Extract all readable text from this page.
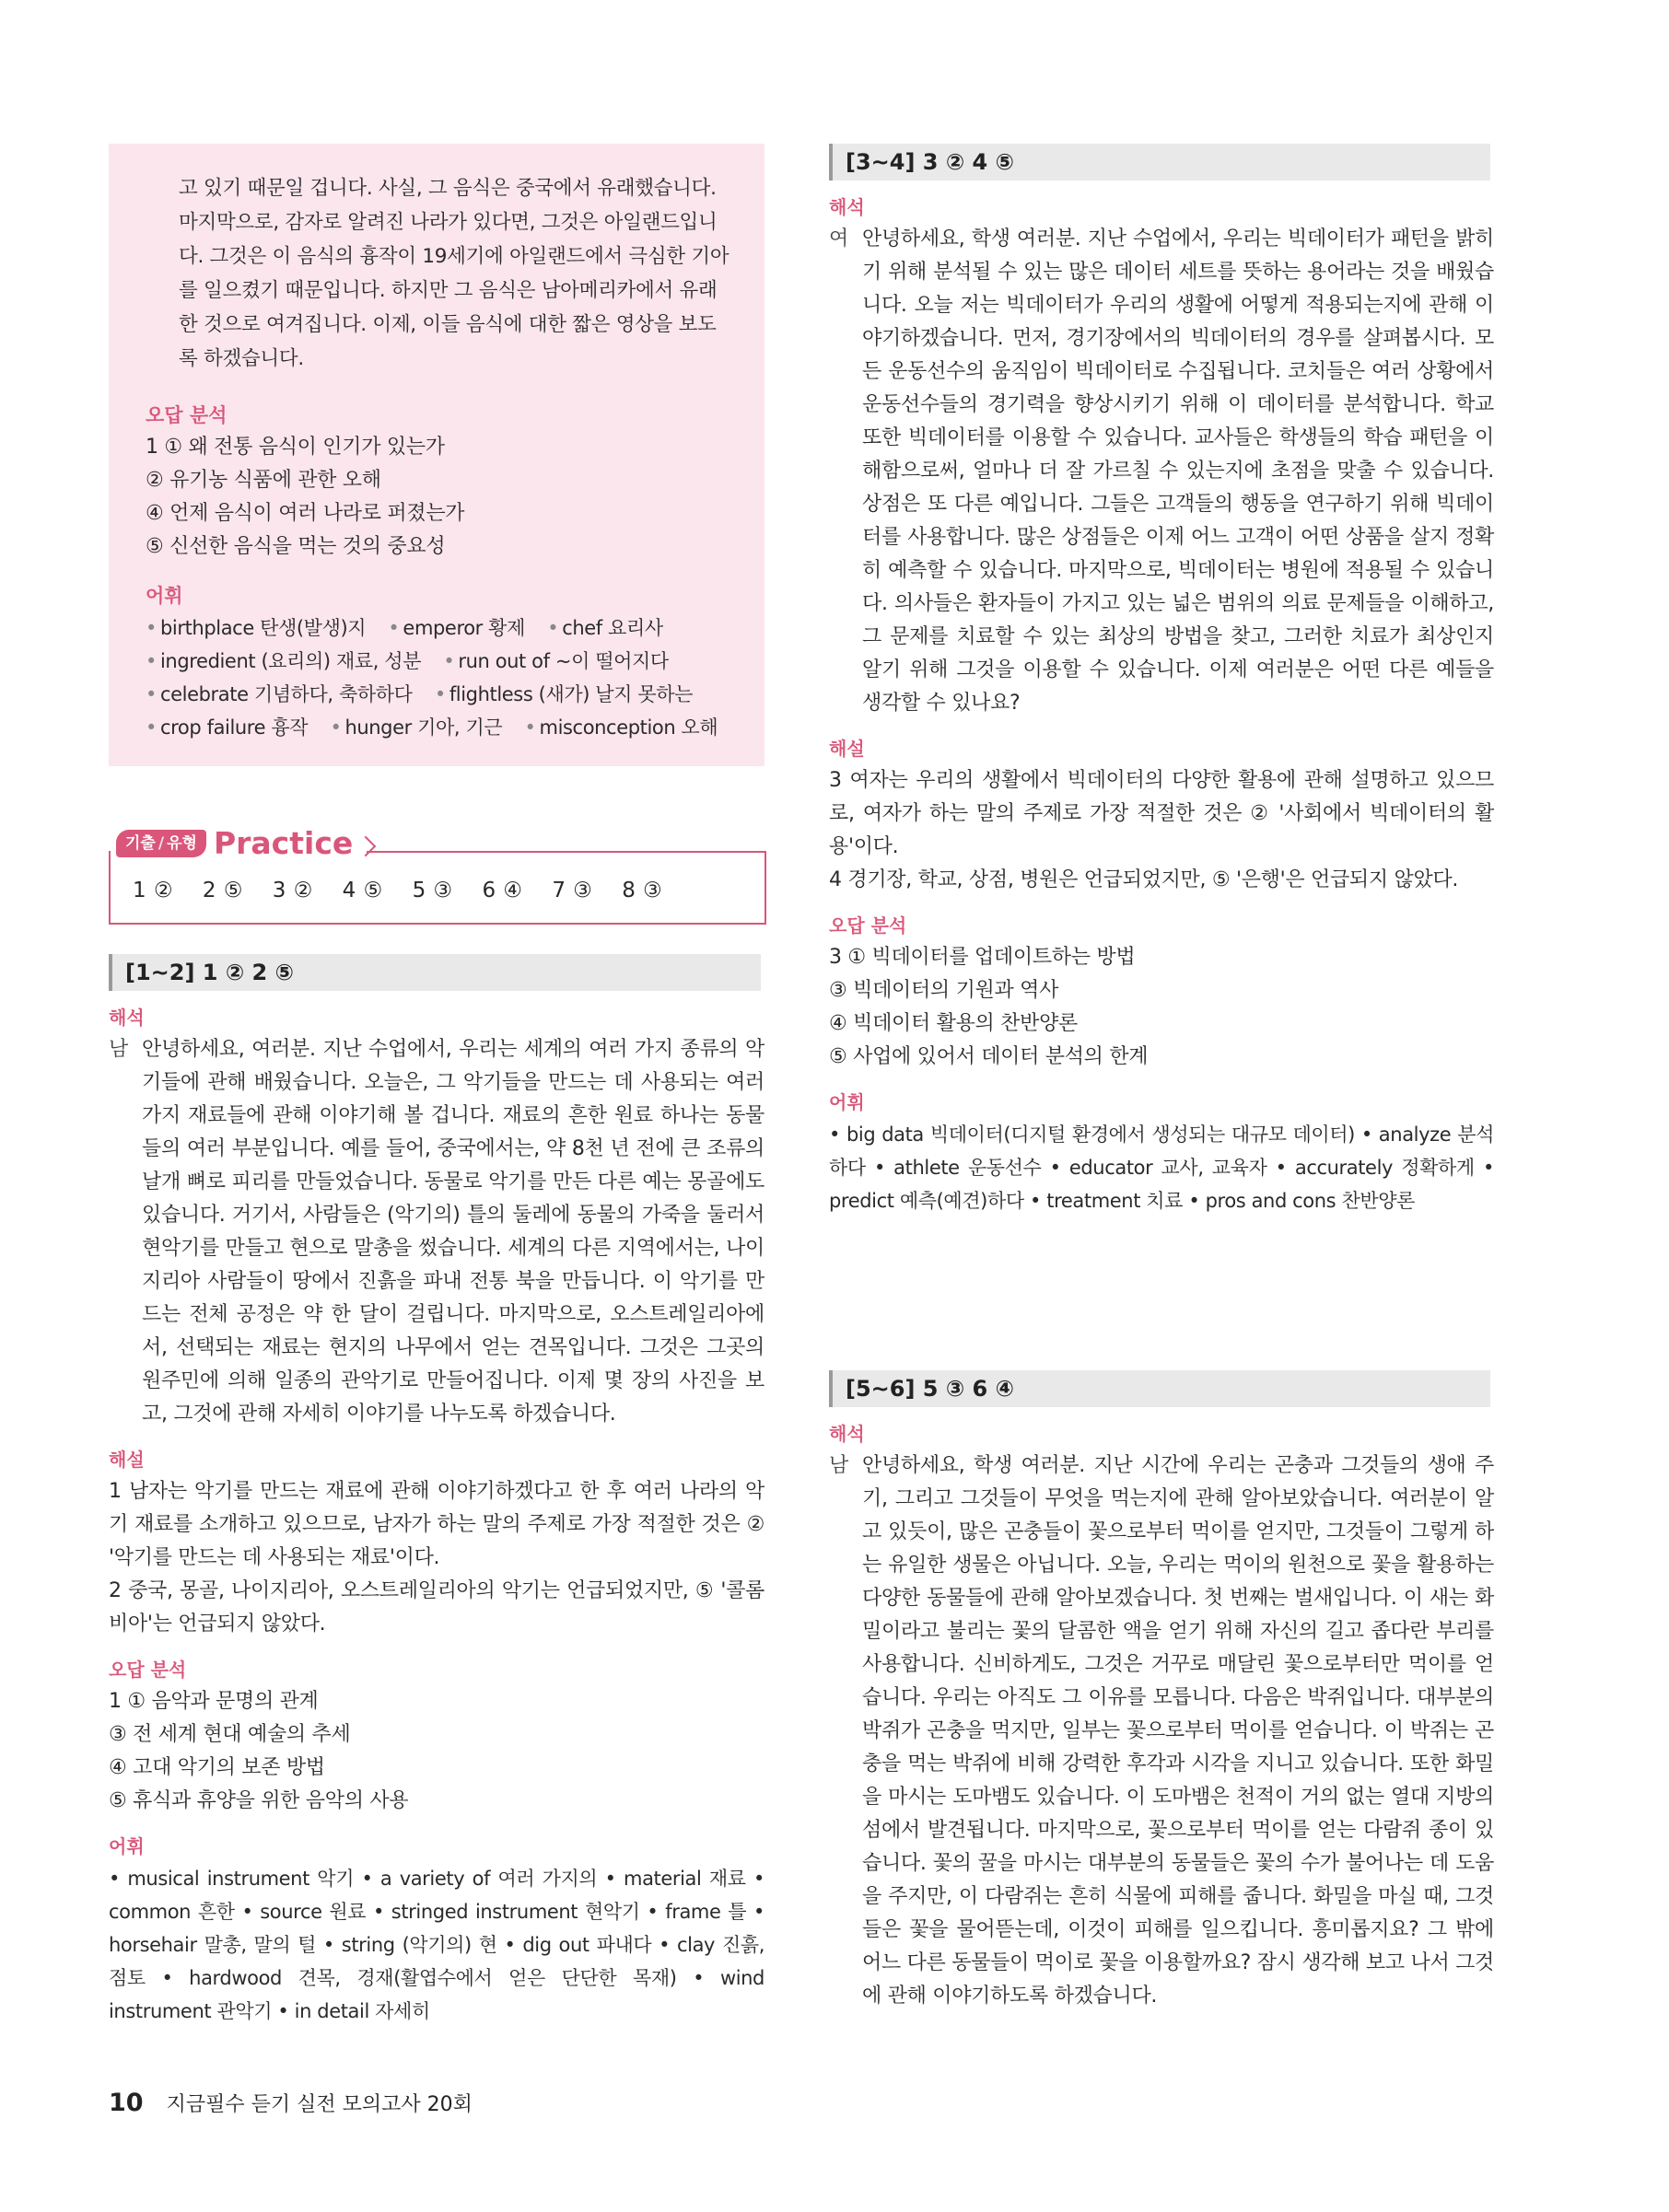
고 있기 때문일 겁니다. 사실, 그 음식은 중국에서 유래했습니다. 마지막으로, 감자로 알려진 나라가 있다면, 그것은 아일랜드입니다. 그것은 이 음식의 흉작이 19세기에 아일랜드에서 극심한 기아를 일으켰기 때문입니다. 하지만 그 음식은 남아메리카에서 유래한 것으로 여겨집니다. 이제, 이들 음식에 대한 짧은 영상을 보도록 하겠습니다.

오답 분석

1 ① 왜 전통 음식이 인기가 있는가

② 유기농 식품에 관한 오해

④ 언제 음식이 여러 나라로 퍼졌는가

⑤ 신선한 음식을 먹는 것의 중요성

어휘

• birthplace 탄생(발생)지 • emperor 황제 • chef 요리사

• ingredient (요리의) 재료, 성분 • run out of ~이 떨어지다

• celebrate 기념하다, 축하하다 • flightless (새가) 날지 못하는

• crop failure 흉작 • hunger 기아, 기근 • misconception 오해

1 ② 2 ⑤ 3 ② 4 ⑤ 5 ③ 6 ④ 7 ③ 8 ③
기출 / 유형 Practice
[1~2] 1 ② 2 ⑤

해석

남 안녕하세요, 여러분. 지난 수업에서, 우리는 세계의 여러 가지 종류의 악기들에 관해 배웠습니다. 오늘은, 그 악기들을 만드는 데 사용되는 여러 가지 재료들에 관해 이야기해 볼 겁니다. 재료의 흔한 원료 하나는 동물들의 여러 부분입니다. 예를 들어, 중국에서는, 약 8천 년 전에 큰 조류의 날개 뼈로 피리를 만들었습니다. 동물로 악기를 만든 다른 예는 몽골에도 있습니다. 거기서, 사람들은 (악기의) 틀의 둘레에 동물의 가죽을 둘러서 현악기를 만들고 현으로 말총을 썼습니다. 세계의 다른 지역에서는, 나이지리아 사람들이 땅에서 진흙을 파내 전통 북을 만듭니다. 이 악기를 만드는 전체 공정은 약 한 달이 걸립니다. 마지막으로, 오스트레일리아에서, 선택되는 재료는 현지의 나무에서 얻는 견목입니다. 그것은 그곳의 원주민에 의해 일종의 관악기로 만들어집니다. 이제 몇 장의 사진을 보고, 그것에 관해 자세히 이야기를 나누도록 하겠습니다.

해설

1 남자는 악기를 만드는 재료에 관해 이야기하겠다고 한 후 여러 나라의 악기 재료를 소개하고 있으므로, 남자가 하는 말의 주제로 가장 적절한 것은 ② '악기를 만드는 데 사용되는 재료'이다.

2 중국, 몽골, 나이지리아, 오스트레일리아의 악기는 언급되었지만, ⑤ '콜롬비아'는 언급되지 않았다.

오답 분석

1 ① 음악과 문명의 관계

③ 전 세계 현대 예술의 추세

④ 고대 악기의 보존 방법

⑤ 휴식과 휴양을 위한 음악의 사용

어휘

• musical instrument 악기 • a variety of 여러 가지의 • material 재료 • common 흔한 • source 원료 • stringed instrument 현악기 • frame 틀 • horsehair 말총, 말의 털 • string (악기의) 현 • dig out 파내다 • clay 진흙, 점토 • hardwood 견목, 경재(활엽수에서 얻은 단단한 목재) • wind instrument 관악기 • in detail 자세히

[3~4] 3 ② 4 ⑤

해석

여 안녕하세요, 학생 여러분. 지난 수업에서, 우리는 빅데이터가 패턴을 밝히기 위해 분석될 수 있는 많은 데이터 세트를 뜻하는 용어라는 것을 배웠습니다. 오늘 저는 빅데이터가 우리의 생활에 어떻게 적용되는지에 관해 이야기하겠습니다. 먼저, 경기장에서의 빅데이터의 경우를 살펴봅시다. 모든 운동선수의 움직임이 빅데이터로 수집됩니다. 코치들은 여러 상황에서 운동선수들의 경기력을 향상시키기 위해 이 데이터를 분석합니다. 학교 또한 빅데이터를 이용할 수 있습니다. 교사들은 학생들의 학습 패턴을 이해함으로써, 얼마나 더 잘 가르칠 수 있는지에 초점을 맞출 수 있습니다. 상점은 또 다른 예입니다. 그들은 고객들의 행동을 연구하기 위해 빅데이터를 사용합니다. 많은 상점들은 이제 어느 고객이 어떤 상품을 살지 정확히 예측할 수 있습니다. 마지막으로, 빅데이터는 병원에 적용될 수 있습니다. 의사들은 환자들이 가지고 있는 넓은 범위의 의료 문제들을 이해하고, 그 문제를 치료할 수 있는 최상의 방법을 찾고, 그러한 치료가 최상인지 알기 위해 그것을 이용할 수 있습니다. 이제 여러분은 어떤 다른 예들을 생각할 수 있나요?

해설

3 여자는 우리의 생활에서 빅데이터의 다양한 활용에 관해 설명하고 있으므로, 여자가 하는 말의 주제로 가장 적절한 것은 ② '사회에서 빅데이터의 활용'이다.

4 경기장, 학교, 상점, 병원은 언급되었지만, ⑤ '은행'은 언급되지 않았다.

오답 분석

3 ① 빅데이터를 업데이트하는 방법

③ 빅데이터의 기원과 역사

④ 빅데이터 활용의 찬반양론

⑤ 사업에 있어서 데이터 분석의 한계

어휘

• big data 빅데이터(디지털 환경에서 생성되는 대규모 데이터) • analyze 분석하다 • athlete 운동선수 • educator 교사, 교육자 • accurately 정확하게 • predict 예측(예견)하다 • treatment 치료 • pros and cons 찬반양론

[5~6] 5 ③ 6 ④

해석

남 안녕하세요, 학생 여러분. 지난 시간에 우리는 곤충과 그것들의 생애 주기, 그리고 그것들이 무엇을 먹는지에 관해 알아보았습니다. 여러분이 알고 있듯이, 많은 곤충들이 꽃으로부터 먹이를 얻지만, 그것들이 그렇게 하는 유일한 생물은 아닙니다. 오늘, 우리는 먹이의 원천으로 꽃을 활용하는 다양한 동물들에 관해 알아보겠습니다. 첫 번째는 벌새입니다. 이 새는 화밀이라고 불리는 꽃의 달콤한 액을 얻기 위해 자신의 길고 좁다란 부리를 사용합니다. 신비하게도, 그것은 거꾸로 매달린 꽃으로부터만 먹이를 얻습니다. 우리는 아직도 그 이유를 모릅니다. 다음은 박쥐입니다. 대부분의 박쥐가 곤충을 먹지만, 일부는 꽃으로부터 먹이를 얻습니다. 이 박쥐는 곤충을 먹는 박쥐에 비해 강력한 후각과 시각을 지니고 있습니다. 또한 화밀을 마시는 도마뱀도 있습니다. 이 도마뱀은 천적이 거의 없는 열대 지방의 섬에서 발견됩니다. 마지막으로, 꽃으로부터 먹이를 얻는 다람쥐 종이 있습니다. 꽃의 꿀을 마시는 대부분의 동물들은 꽃의 수가 불어나는 데 도움을 주지만, 이 다람쥐는 흔히 식물에 피해를 줍니다. 화밀을 마실 때, 그것들은 꽃을 물어뜯는데, 이것이 피해를 일으킵니다. 흥미롭지요? 그 밖에 어느 다른 동물들이 먹이로 꽃을 이용할까요? 잠시 생각해 보고 나서 그것에 관해 이야기하도록 하겠습니다.

10 지금필수 듣기 실전 모의고사 20회
